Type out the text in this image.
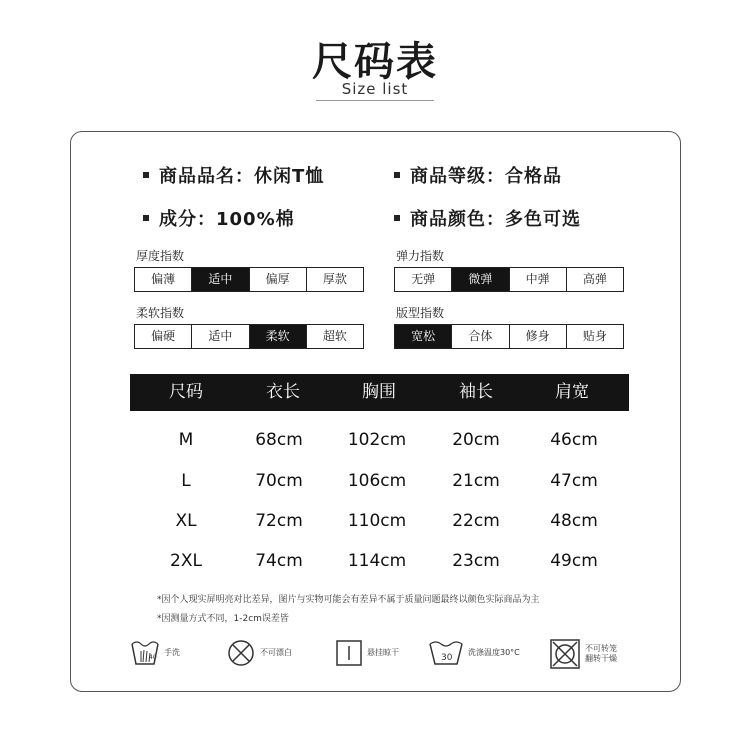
尺码表
Size list
商品品名：休闲T恤	商品等级：合格品
成分：100%棉	商品颜色：多色可选
厚度指数
偏薄	适中	偏厚	厚款
弹力指数
无弹	微弹	中弹	高弹
柔软指数
偏硬	适中	柔软	超软
版型指数
宽松	合体	修身	贴身
尺码	衣长	胸围	袖长	肩宽
M	68cm	102cm	20cm	46cm
L	70cm	106cm	21cm	47cm
XL	72cm	110cm	22cm	48cm
2XL	74cm	114cm	23cm	49cm
*因个人现实屏明亮对比差异，图片与实物可能会有差异不属于质量问题最终以颜色实际商品为主
*因测量方式不同，1-2cm误差皆
40
手洗	不可漂白	悬挂晾干
30
洗涤温度30°C	不可转笼
翻转干燥
